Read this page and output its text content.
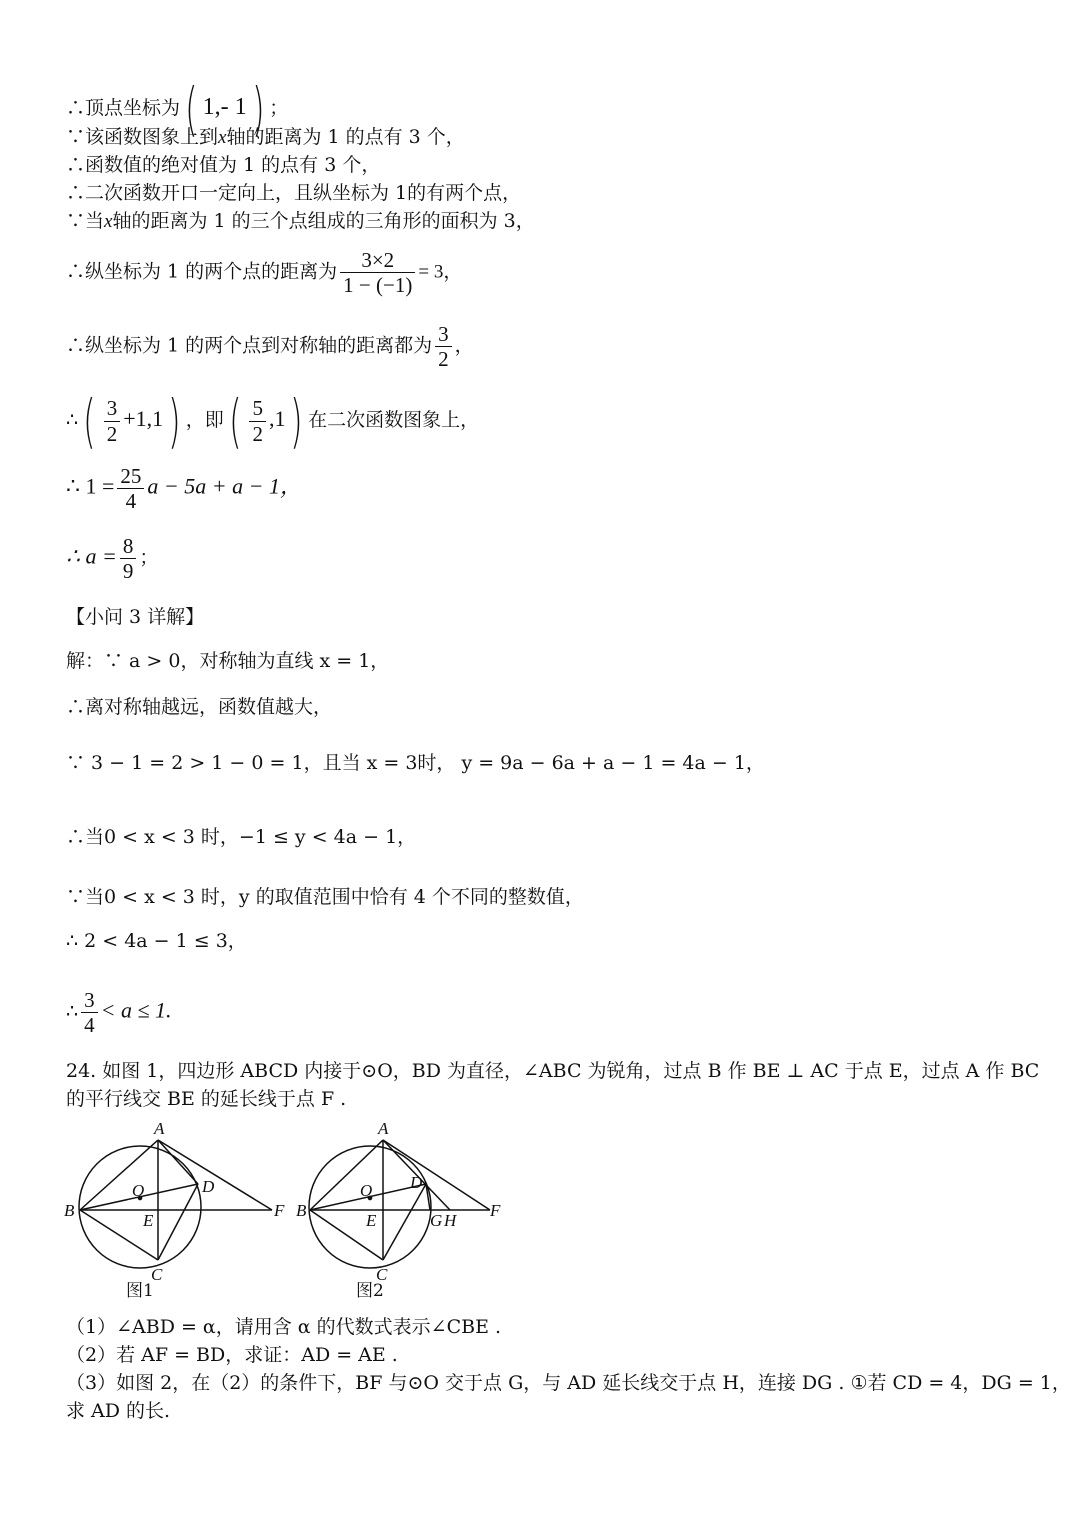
∴顶点坐标为( 1,- 1) ；
∵该函数图象上到x轴的距离为 1 的点有 3 个，
∴函数值的绝对值为 1 的点有 3 个，
∴二次函数开口一定向上，且纵坐标为 1的有两个点，
∵当x轴的距离为 1 的三个点组成的三角形的面积为 3，
∴纵坐标为 1 的两个点的距离为 $\frac{3\times 2}{1 - (-1)} = 3$，
∴纵坐标为 1 的两个点到对称轴的距离都为 $\frac{3}{2}$ ，
∴( $\frac{3}{2} +1,1$) ，即( $\frac{5}{2} ,1$) 在二次函数图象上，
∴ $1 = \frac{25}{4}$ a − 5a + a − 1，
∴ $a = \frac{8}{9}$ ；
【小问 3 详解】
解：∵ a > 0，对称轴为直线 x = 1，
∴离对称轴越远，函数值越大，
∵ 3 − 1 = 2 > 1 − 0 = 1，且当 x = 3时， y = 9a − 6a + a − 1 = 4a − 1，
∴当0 < x < 3 时，−1 ≤ y < 4a − 1，
∵当0 < x < 3 时，y 的取值范围中恰有 4 个不同的整数值，
∴ 2 < 4a − 1 ≤ 3，
∴ $\frac{3}{4} < a \le 1$.
24. 如图 1，四边形 ABCD 内接于⊙O，BD 为直径，∠ABC 为锐角，过点 B 作 BE ⊥ AC 于点 E，过点 A 作 BC
的平行线交 BE 的延长线于点 F .
A
B
C
D
E
F
O
图1
A
B
C
D
E
F
G H
O
图2
（1）∠ABD = α，请用含 α 的代数式表示∠CBE .
（2）若 AF = BD，求证：AD = AE .
（3）如图 2，在（2）的条件下，BF 与⊙O 交于点 G，与 AD 延长线交于点 H，连接 DG . ①若 CD = 4，DG = 1，
求 AD 的长.
